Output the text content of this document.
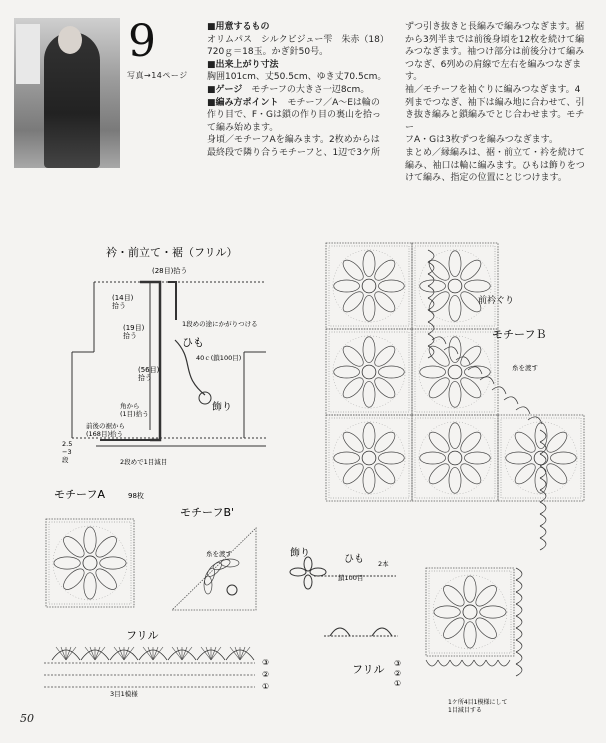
9
写真→14ページ
■用意するもの
オリムパス　シルクビジュー雫　朱赤（18）
720ｇ＝18玉。かぎ針50号。
■出来上がり寸法
胸囲101cm、丈50.5cm、ゆき丈70.5cm。
■ゲージ　モチーフの大きさ一辺8cm。
■編み方ポイント　モチーフ／A〜Eは輪の
作り目で、F・Gは鎖の作り目の裏山を拾っ
て編み始めます。
身頃／モチーフAを編みます。2枚めからは
最終段で隣り合うモチーフと、1辺で3ケ所
ずつ引き抜きと長編みで編みつなぎます。裾
から3列半までは前後身頃を12枚を続けて編
みつなぎます。袖つけ部分は前後分けて編み
つなぎ、6列めの肩線で左右を編みつなぎます。
袖／モチーフを袖ぐりに編みつなぎます。4
列までつなぎ、袖下は編み地に合わせて、引
き抜き編みと鎖編みでとじ合わせます。モチー
フA・Gは3枚ずつを編みつなぎます。
まとめ／縁編みは、裾・前立て・衿を続けて
編み、袖口は輪に編みます。ひもは飾りをつ
けて編み、指定の位置にとじつけます。
衿・前立て・裾（フリル）
(28目)拾う
(14目)拾う
(19目)拾う
(56目)拾う
1段めの途にかがりつける
ひも
40ｃ(鎖100目)
飾り
角から(1目)拾う
前後の裾から(168目)拾う
2.5 −3 段	2段めで1目減目
モチーフA	98枚
モチーフB'
糸を渡す	飾り
ひも 2本
鎖100目
フリル
③
②
①
3目1模様
③
②
①
前衿ぐり
モチーフＢ
糸を渡す
フリル
1ケ所4目1模様にして 1目減目する
50
